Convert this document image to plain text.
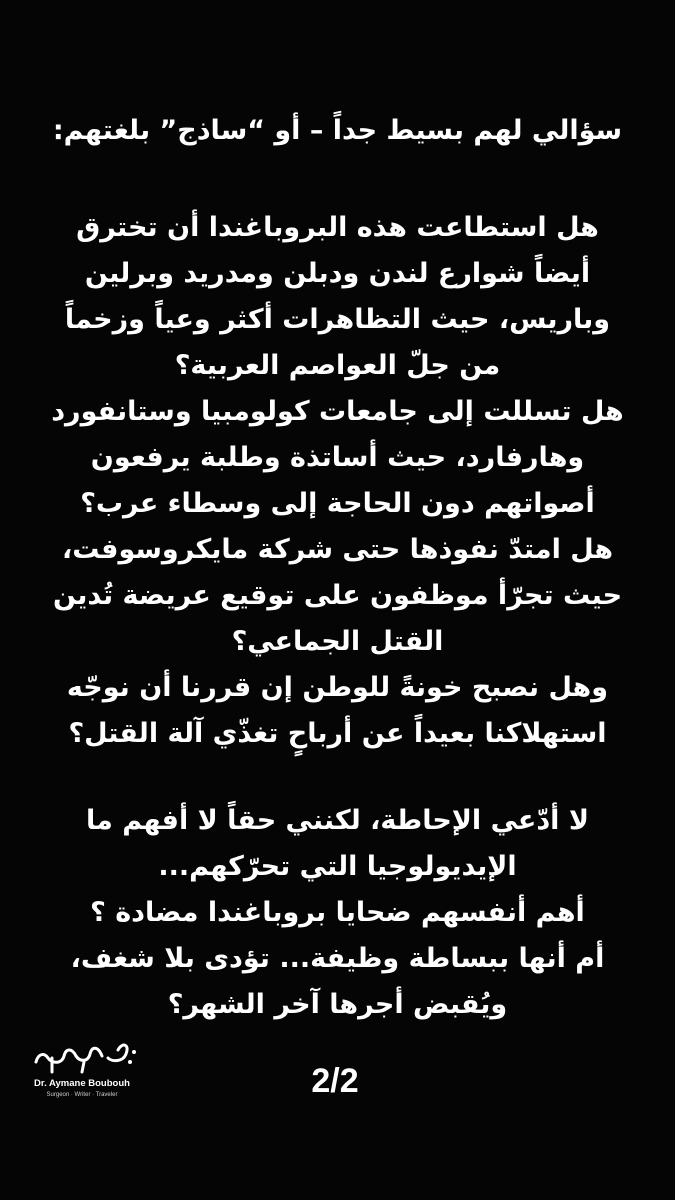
سؤالي لهم بسيط جداً – أو “ساذج” بلغتهم:
هل استطاعت هذه البروباغندا أن تخترق
أيضاً شوارع لندن ودبلن ومدريد وبرلين
وباريس، حيث التظاهرات أكثر وعياً وزخماً
من جلّ العواصم العربية؟
هل تسللت إلى جامعات كولومبيا وستانفورد
وهارفارد، حيث أساتذة وطلبة يرفعون
أصواتهم دون الحاجة إلى وسطاء عرب؟
هل امتدّ نفوذها حتى شركة مايكروسوفت،
حيث تجرّأ موظفون على توقيع عريضة تُدين
القتل الجماعي؟
وهل نصبح خونةً للوطن إن قررنا أن نوجّه
استهلاكنا بعيداً عن أرباحٍ تغذّي آلة القتل؟
لا أدّعي الإحاطة، لكنني حقاً لا أفهم ما
الإيديولوجيا التي تحرّكهم...
أهم أنفسهم ضحايا بروباغندا مضادة ؟
أم أنها ببساطة وظيفة... تؤدى بلا شغف،
ويُقبض أجرها آخر الشهر؟
Dr. Aymane Boubouh
Surgeon · Writer · Traveler	2/2
